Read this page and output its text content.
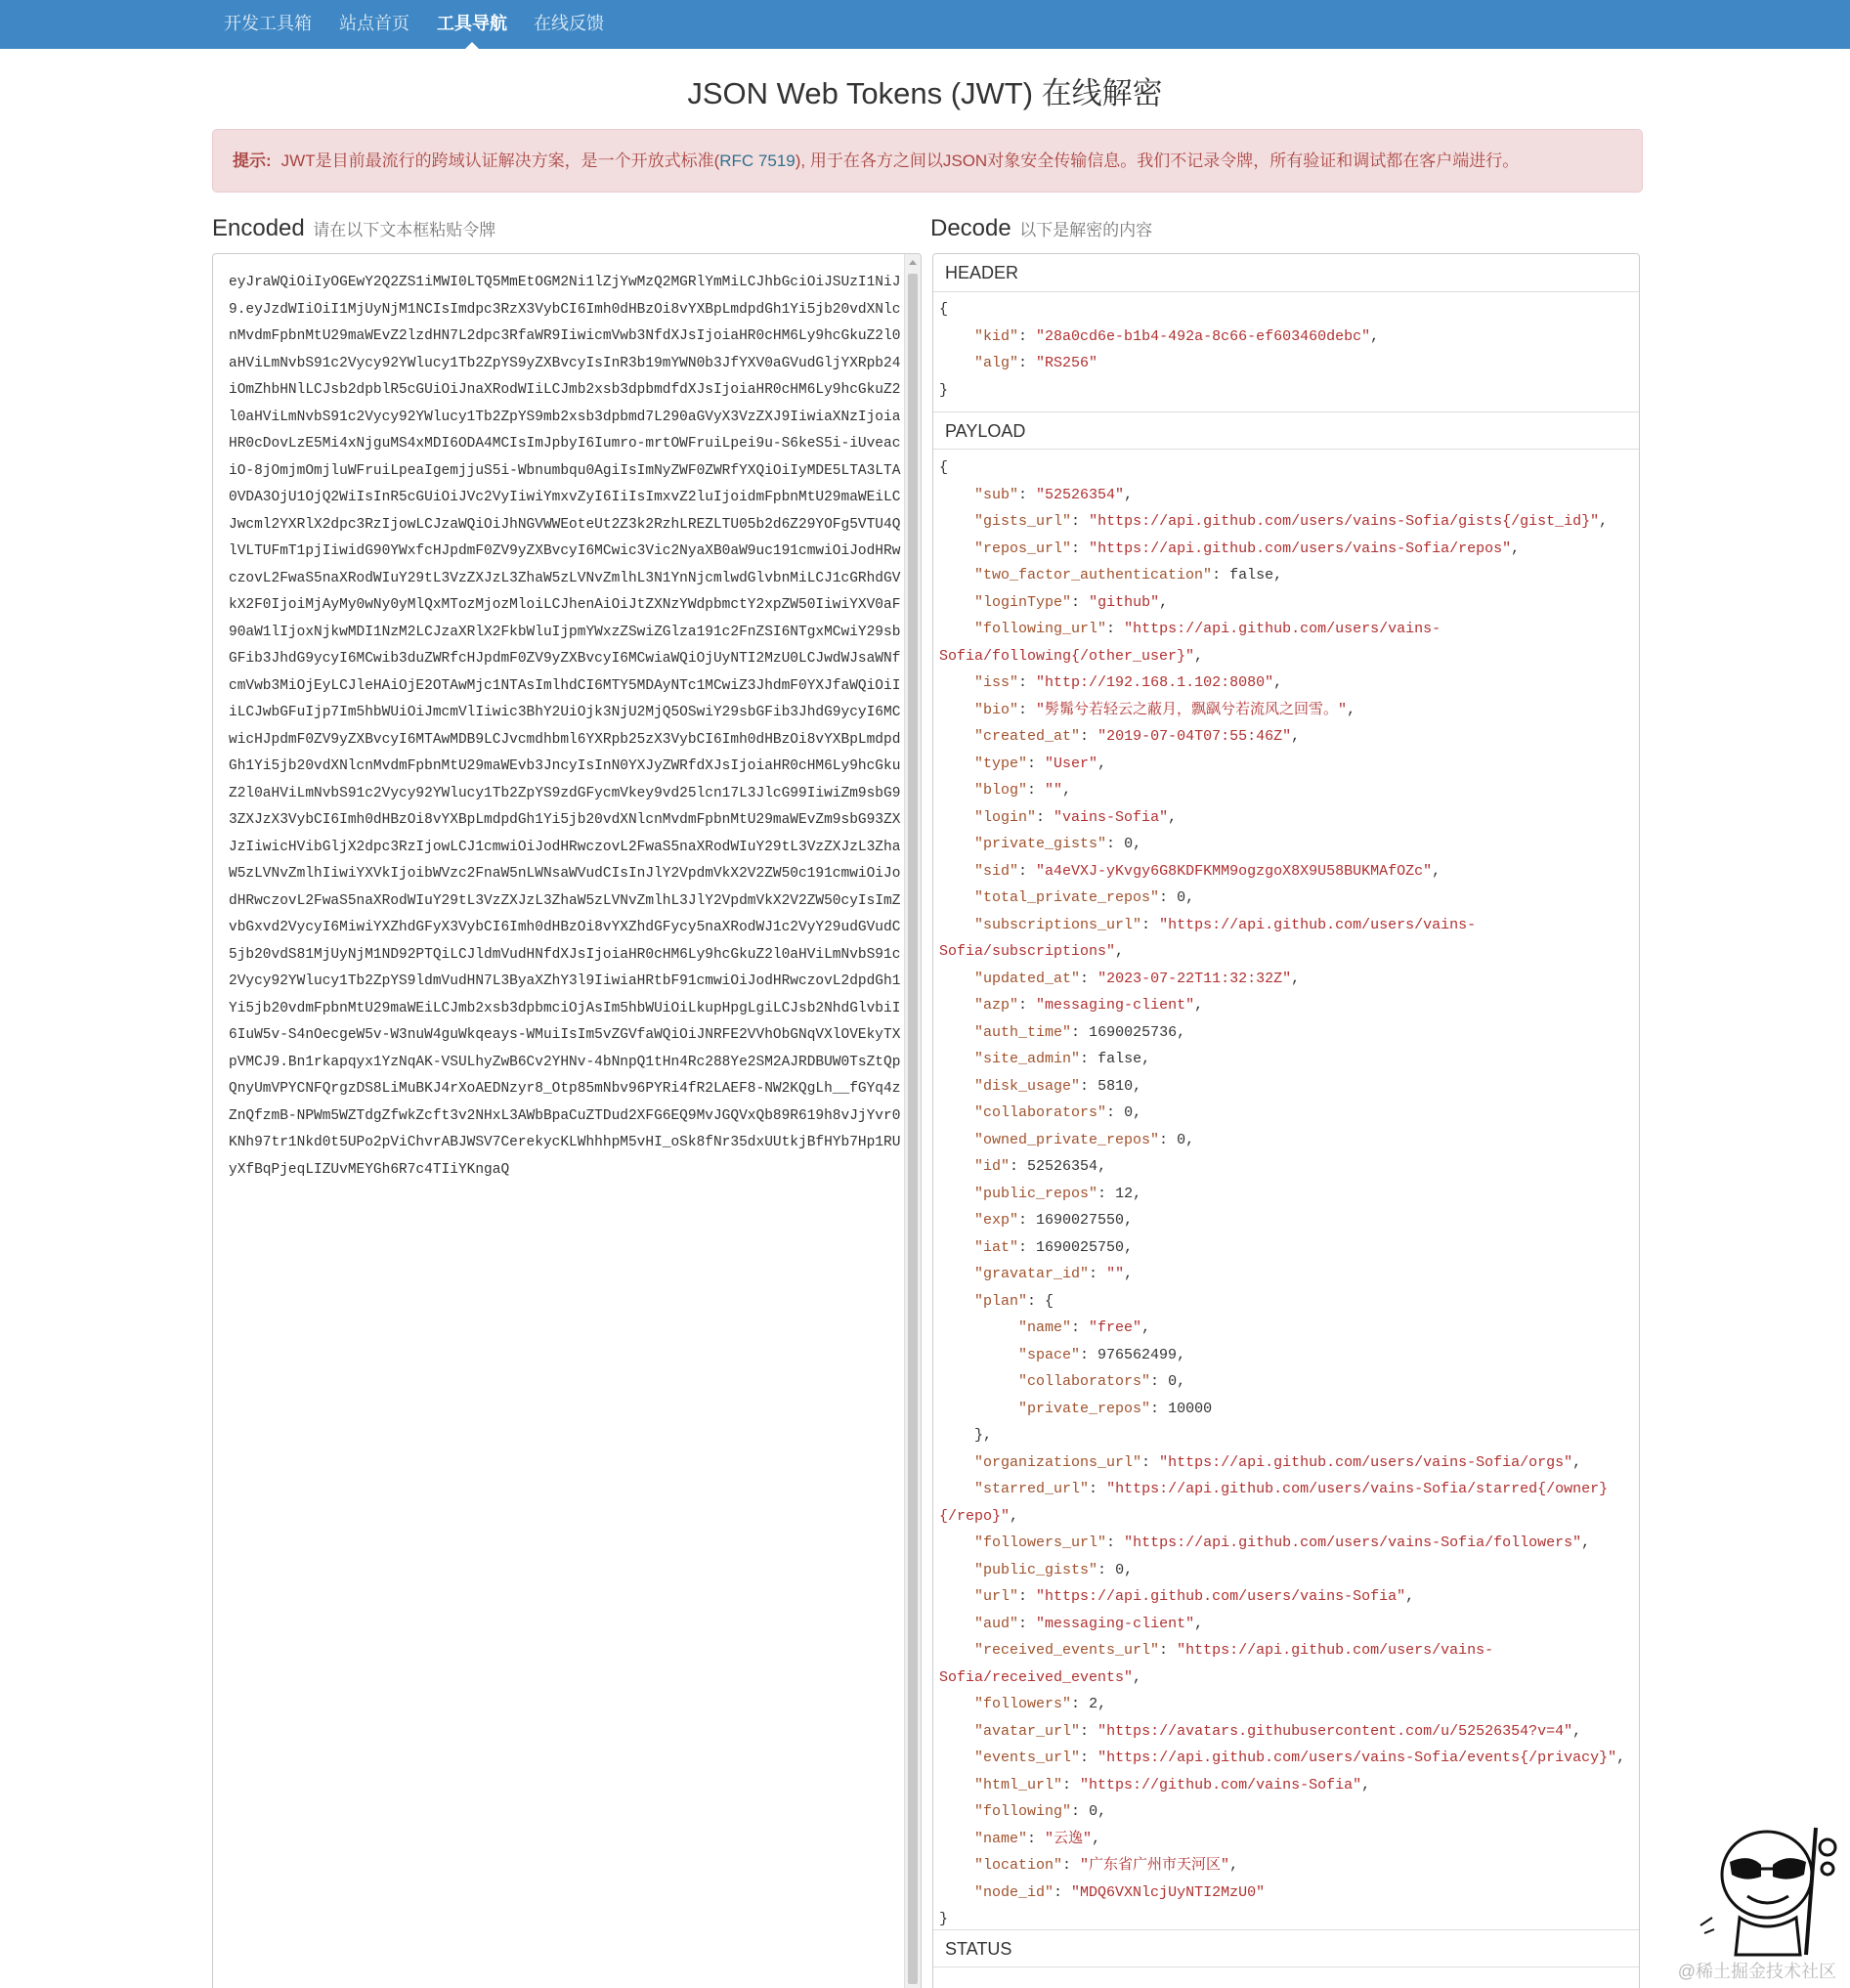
开发工具箱 站点首页 工具导航 在线反馈
JSON Web Tokens (JWT) 在线解密
提示: JWT是目前最流行的跨域认证解决方案，是一个开放式标准(RFC 7519), 用于在各方之间以JSON对象安全传输信息。我们不记录令牌，所有验证和调试都在客户端进行。
Encoded 请在以下文本框粘贴令牌	Decode 以下是解密的内容
eyJraWQiOiIyOGEwY2Q2ZS1iMWI0LTQ5MmEtOGM2Ni1lZjYwMzQ2MGRlYmMiLCJhbGciOiJSUzI1NiJ9.eyJzdWIiOiI1MjUyNjM1NCIsImdpc3RzX3VybCI6Imh0dHBzOi8vYXBpLmdpdGh1Yi5jb20vdXNlcnMvdmFpbnMtU29maWEvZ2lzdHN7L2dpc3RfaWR9IiwicmVwb3NfdXJsIjoiaHR0cHM6Ly9hcGkuZ2l0aHViLmNvbS91c2Vycy92YWlucy1Tb2ZpYS9yZXBvcyIsInR3b19mYWN0b3JfYXV0aGVudGljYXRpb24iOmZhbHNlLCJsb2dpblR5cGUiOiJnaXRodWIiLCJmb2xsb3dpbmdfdXJsIjoiaHR0cHM6Ly9hcGkuZ2l0aHViLmNvbS91c2Vycy92YWlucy1Tb2ZpYS9mb2xsb3dpbmd7L290aGVyX3VzZXJ9IiwiaXNzIjoiaHR0cDovLzE5Mi4xNjguMS4xMDI6ODA4MCIsImJpbyI6Iumro-mrtOWFruiLpei9u-S6keS5i-iUveaciO-8jOmjmOmjluWFruiLpeaIgemjjuS5i-Wbnumbqu0AgiIsImNyZWF0ZWRfYXQiOiIyMDE5LTA3LTA0VDA3OjU1OjQ2WiIsInR5cGUiOiJVc2VyIiwiYmxvZyI6IiIsImxvZ2luIjoidmFpbnMtU29maWEiLCJwcml2YXRlX2dpc3RzIjowLCJzaWQiOiJhNGVWWEoteUt2Z3k2RzhLREZLTU05b2d6Z29YOFg5VTU4QlVLTUFmT1pjIiwidG90YWxfcHJpdmF0ZV9yZXBvcyI6MCwic3Vic2NyaXB0aW9uc191cmwiOiJodHRwczovL2FwaS5naXRodWIuY29tL3VzZXJzL3ZhaW5zLVNvZmlhL3N1YnNjcmlwdGlvbnMiLCJ1cGRhdGVkX2F0IjoiMjAyMy0wNy0yMlQxMTozMjozMloiLCJhenAiOiJtZXNzYWdpbmctY2xpZW50IiwiYXV0aF90aW1lIjoxNjkwMDI1NzM2LCJzaXRlX2FkbWluIjpmYWxzZSwiZGlza191c2FnZSI6NTgxMCwiY29sbGFib3JhdG9ycyI6MCwib3duZWRfcHJpdmF0ZV9yZXBvcyI6MCwiaWQiOjUyNTI2MzU0LCJwdWJsaWNfcmVwb3MiOjEyLCJleHAiOjE2OTAwMjc1NTAsImlhdCI6MTY5MDAyNTc1MCwiZ3JhdmF0YXJfaWQiOiIiLCJwbGFuIjp7Im5hbWUiOiJmcmVlIiwic3BhY2UiOjk3NjU2MjQ5OSwiY29sbGFib3JhdG9ycyI6MCwicHJpdmF0ZV9yZXBvcyI6MTAwMDB9LCJvcmdhbml6YXRpb25zX3VybCI6Imh0dHBzOi8vYXBpLmdpdGh1Yi5jb20vdXNlcnMvdmFpbnMtU29maWEvb3JncyIsInN0YXJyZWRfdXJsIjoiaHR0cHM6Ly9hcGkuZ2l0aHViLmNvbS91c2Vycy92YWlucy1Tb2ZpYS9zdGFycmVkey9vd25lcn17L3JlcG99IiwiZm9sbG93ZXJzX3VybCI6Imh0dHBzOi8vYXBpLmdpdGh1Yi5jb20vdXNlcnMvdmFpbnMtU29maWEvZm9sbG93ZXJzIiwicHVibGljX2dpc3RzIjowLCJ1cmwiOiJodHRwczovL2FwaS5naXRodWIuY29tL3VzZXJzL3ZhaW5zLVNvZmlhIiwiYXVkIjoibWVzc2FnaW5nLWNsaWVudCIsInJlY2VpdmVkX2V2ZW50c191cmwiOiJodHRwczovL2FwaS5naXRodWIuY29tL3VzZXJzL3ZhaW5zLVNvZmlhL3JlY2VpdmVkX2V2ZW50cyIsImZvbGxvd2VycyI6MiwiYXZhdGFyX3VybCI6Imh0dHBzOi8vYXZhdGFycy5naXRodWJ1c2VyY29udGVudC5jb20vdS81MjUyNjM1ND92PTQiLCJldmVudHNfdXJsIjoiaHR0cHM6Ly9hcGkuZ2l0aHViLmNvbS91c2Vycy92YWlucy1Tb2ZpYS9ldmVudHN7L3ByaXZhY3l9IiwiaHRtbF91cmwiOiJodHRwczovL2dpdGh1Yi5jb20vdmFpbnMtU29maWEiLCJmb2xsb3dpbmciOjAsIm5hbWUiOiLkupHpgLgiLCJsb2NhdGlvbiI6IuW5v-S4nOecgeW5v-W3nuW4guWkqeays-WMuiIsIm5vZGVfaWQiOiJNRFE2VVhObGNqVXlOVEkyTXpVMCJ9.Bn1rkapqyx1YzNqAK-VSULhyZwB6Cv2YHNv-4bNnpQ1tHn4Rc288Ye2SM2AJRDBUW0TsZtQpQnyUmVPYCNFQrgzDS8LiMuBKJ4rXoAEDNzyr8_Otp85mNbv96PYRi4fR2LAEF8-NW2KQgLh__fGYq4zZnQfzmB-NPWm5WZTdgZfwkZcft3v2NHxL3AWbBpaCuZTDud2XFG6EQ9MvJGQVxQb89R619h8vJjYvr0KNh97tr1Nkd0t5UPo2pViChvrABJWSV7CerekycKLWhhhpM5vHI_oSk8fNr35dxUUtkjBfHYb7Hp1RUyXfBqPjeqLIZUvMEYGh6R7c4TIiYKngaQ
HEADER
{
"kid": "28a0cd6e-b1b4-492a-8c66-ef603460debc",
"alg": "RS256"
}
PAYLOAD
{
"sub": "52526354",
"gists_url": "https://api.github.com/users/vains-Sofia/gists{/gist_id}",
"repos_url": "https://api.github.com/users/vains-Sofia/repos",
"two_factor_authentication": false,
"loginType": "github",
"following_url": "https://api.github.com/users/vains-
Sofia/following{/other_user}",
"iss": "http://192.168.1.102:8080",
"bio": "髣髴兮若轻云之蔽月，飘飖兮若流风之回雪。",
"created_at": "2019-07-04T07:55:46Z",
"type": "User",
"blog": "",
"login": "vains-Sofia",
"private_gists": 0,
"sid": "a4eVXJ-yKvgy6G8KDFKMM9ogzgoX8X9U58BUKMAfOZc",
"total_private_repos": 0,
"subscriptions_url": "https://api.github.com/users/vains-
Sofia/subscriptions",
"updated_at": "2023-07-22T11:32:32Z",
"azp": "messaging-client",
"auth_time": 1690025736,
"site_admin": false,
"disk_usage": 5810,
"collaborators": 0,
"owned_private_repos": 0,
"id": 52526354,
"public_repos": 12,
"exp": 1690027550,
"iat": 1690025750,
"gravatar_id": "",
"plan": {
"name": "free",
"space": 976562499,
"collaborators": 0,
"private_repos": 10000
},
"organizations_url": "https://api.github.com/users/vains-Sofia/orgs",
"starred_url": "https://api.github.com/users/vains-Sofia/starred{/owner}
{/repo}",
"followers_url": "https://api.github.com/users/vains-Sofia/followers",
"public_gists": 0,
"url": "https://api.github.com/users/vains-Sofia",
"aud": "messaging-client",
"received_events_url": "https://api.github.com/users/vains-
Sofia/received_events",
"followers": 2,
"avatar_url": "https://avatars.githubusercontent.com/u/52526354?v=4",
"events_url": "https://api.github.com/users/vains-Sofia/events{/privacy}",
"html_url": "https://github.com/vains-Sofia",
"following": 0,
"name": "云逸",
"location": "广东省广州市天河区",
"node_id": "MDQ6VXNlcjUyNTI2MzU0"
}
STATUS
@稀土掘金技术社区
